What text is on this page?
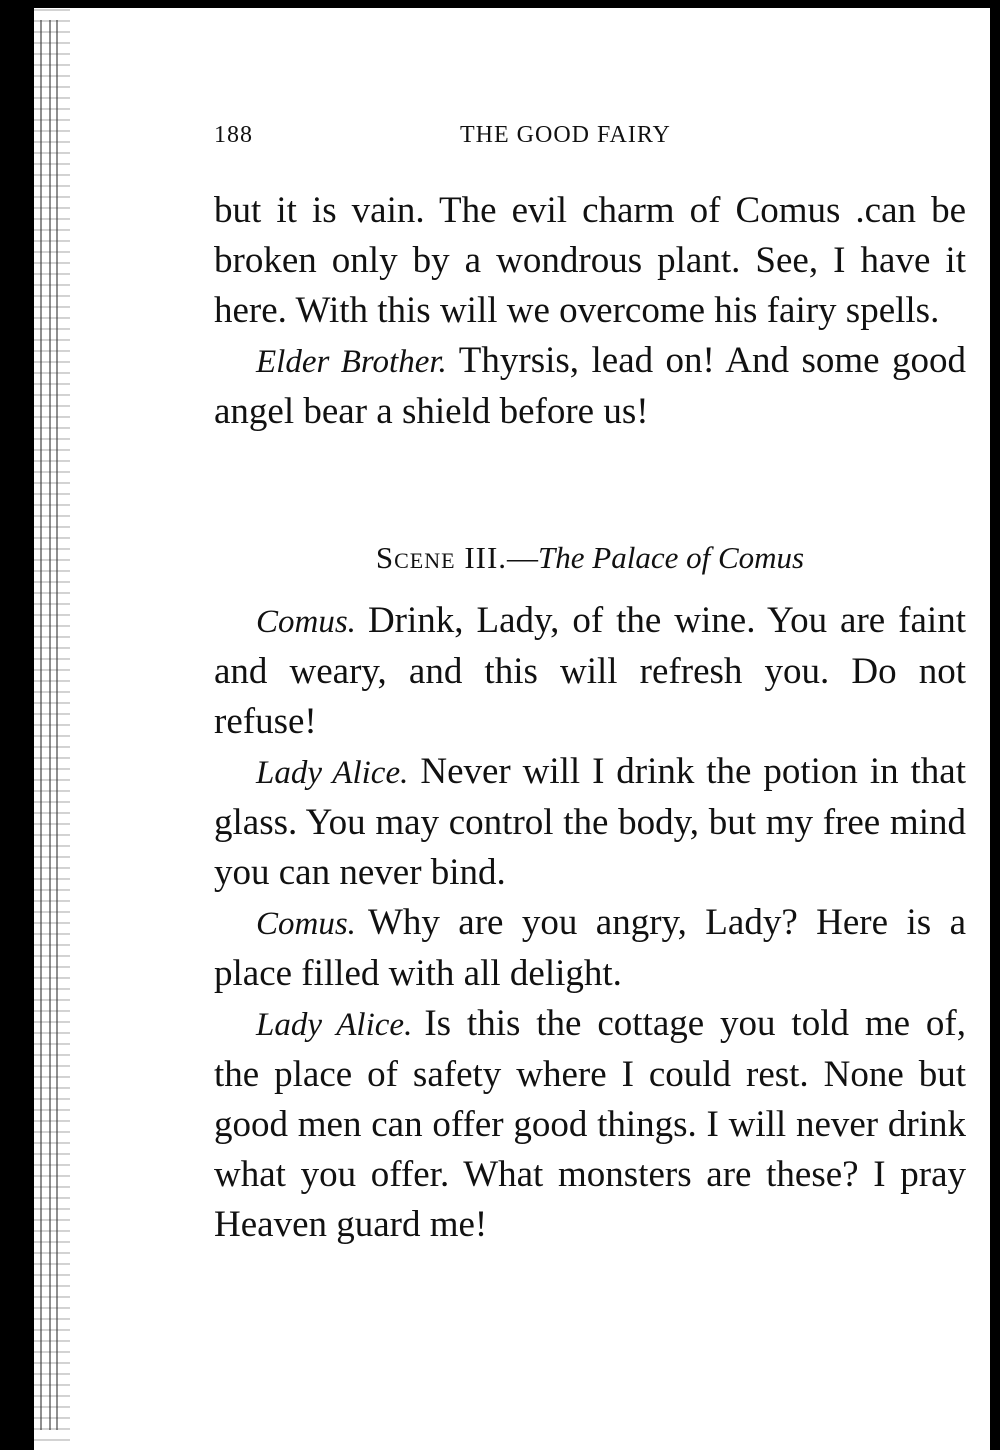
188	THE GOOD FAIRY

but it is vain. The evil charm of Comus .can be broken only by a wondrous plant. See, I have it here. With this will we overcome his fairy spells.

Elder Brother. Thyrsis, lead on! And some good angel bear a shield before us!

Scene III.—The Palace of Comus

Comus. Drink, Lady, of the wine. You are faint and weary, and this will refresh you. Do not refuse!

Lady Alice. Never will I drink the potion in that glass. You may control the body, but my free mind you can never bind.

Comus. Why are you angry, Lady? Here is a place filled with all delight.

Lady Alice. Is this the cottage you told me of, the place of safety where I could rest. None but good men can offer good things. I will never drink what you offer. What monsters are these? I pray Heaven guard me!
